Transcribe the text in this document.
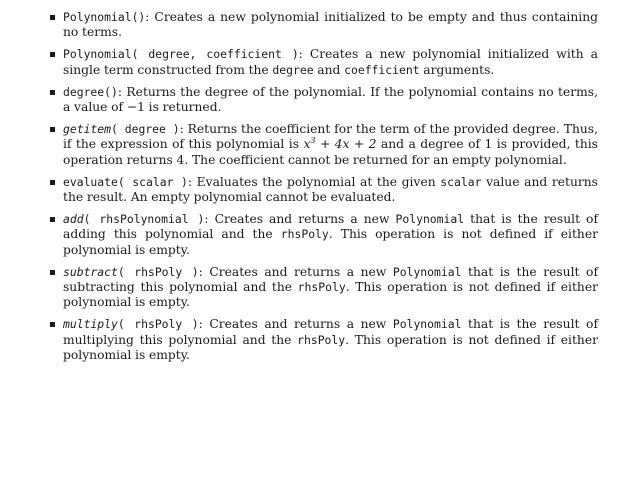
Polynomial(): Creates a new polynomial initialized to be empty and thus containing no terms.
Polynomial( degree, coefficient ): Creates a new polynomial initialized with a single term constructed from the degree and coefficient arguments.
degree(): Returns the degree of the polynomial. If the polynomial contains no terms, a value of −1 is returned.
getitem( degree ): Returns the coefficient for the term of the provided degree. Thus, if the expression of this polynomial is $x^3 + 4x + 2$ and a degree of 1 is provided, this operation returns 4. The coefficient cannot be returned for an empty polynomial.
evaluate( scalar ): Evaluates the polynomial at the given scalar value and returns the result. An empty polynomial cannot be evaluated.
add( rhsPolynomial ): Creates and returns a new Polynomial that is the result of adding this polynomial and the rhsPoly. This operation is not defined if either polynomial is empty.
subtract( rhsPoly ): Creates and returns a new Polynomial that is the result of subtracting this polynomial and the rhsPoly. This operation is not defined if either polynomial is empty.
multiply( rhsPoly ): Creates and returns a new Polynomial that is the result of multiplying this polynomial and the rhsPoly. This operation is not defined if either polynomial is empty.
